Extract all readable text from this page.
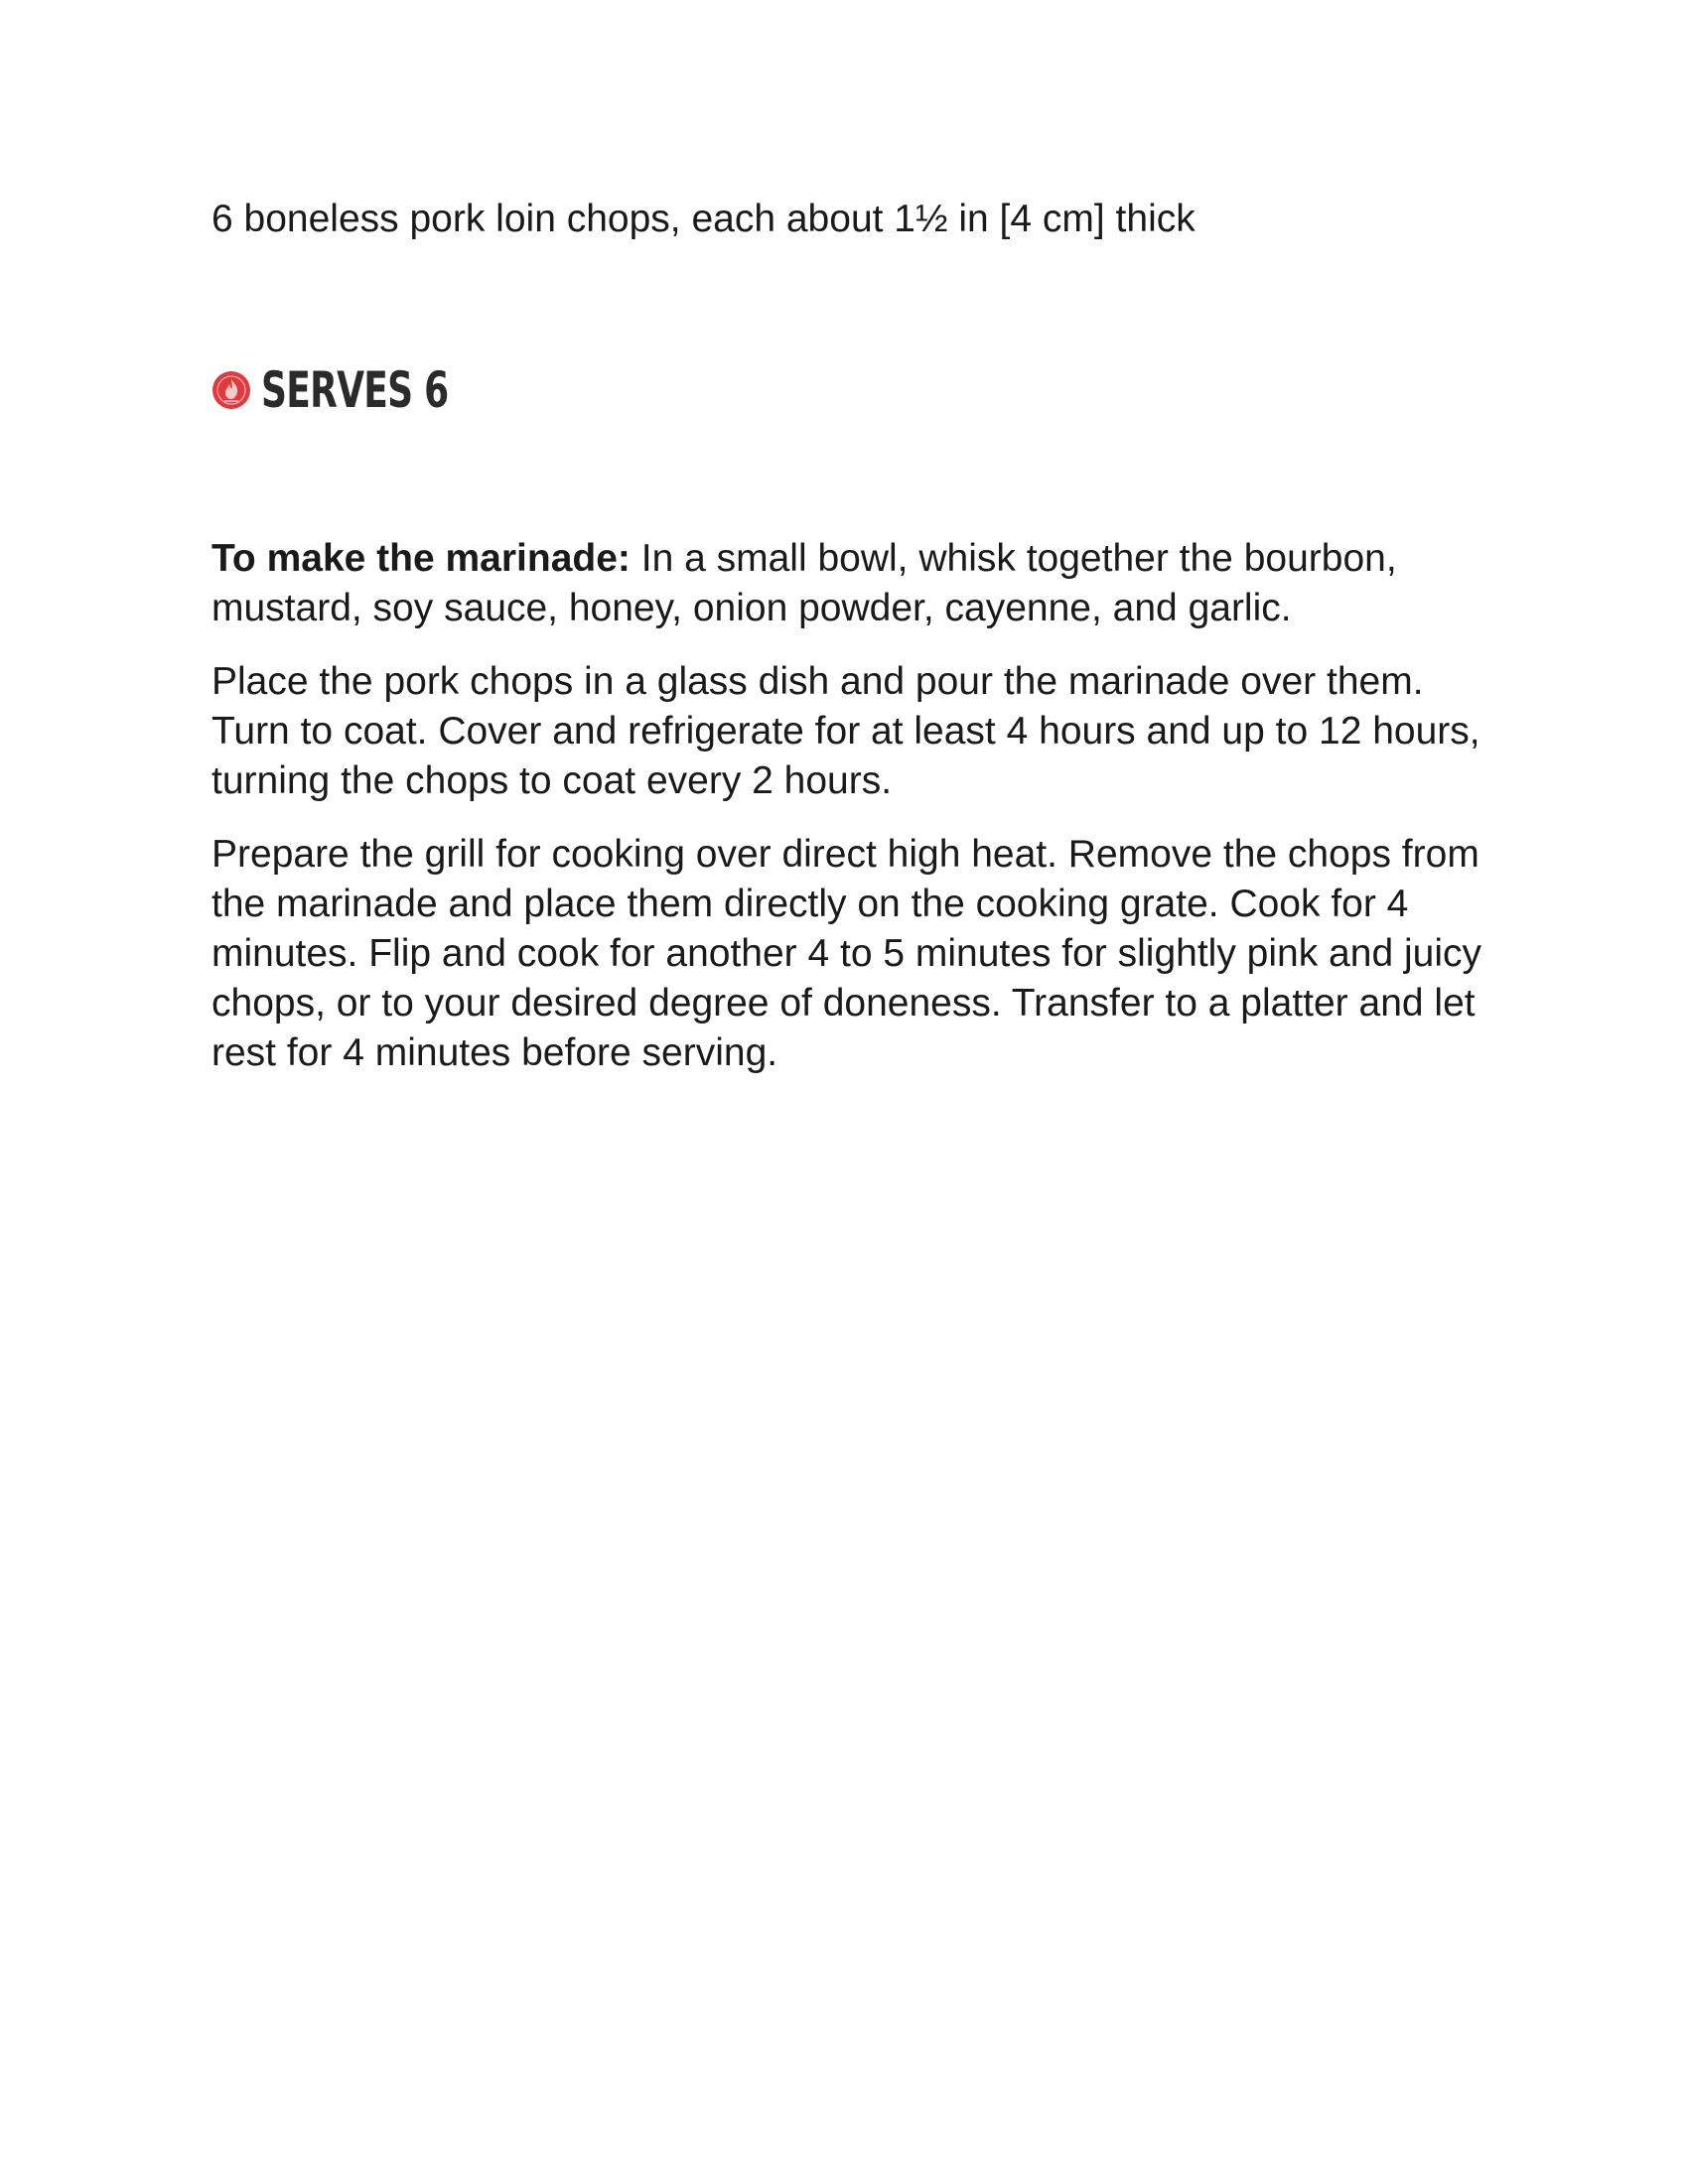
6 boneless pork loin chops, each about 1½ in [4 cm] thick
SERVES 6

To make the marinade: In a small bowl, whisk together the bourbon, mustard, soy sauce, honey, onion powder, cayenne, and garlic.

Place the pork chops in a glass dish and pour the marinade over them. Turn to coat. Cover and refrigerate for at least 4 hours and up to 12 hours, turning the chops to coat every 2 hours.

Prepare the grill for cooking over direct high heat. Remove the chops from the marinade and place them directly on the cooking grate. Cook for 4 minutes. Flip and cook for another 4 to 5 minutes for slightly pink and juicy chops, or to your desired degree of doneness. Transfer to a platter and let rest for 4 minutes before serving.
